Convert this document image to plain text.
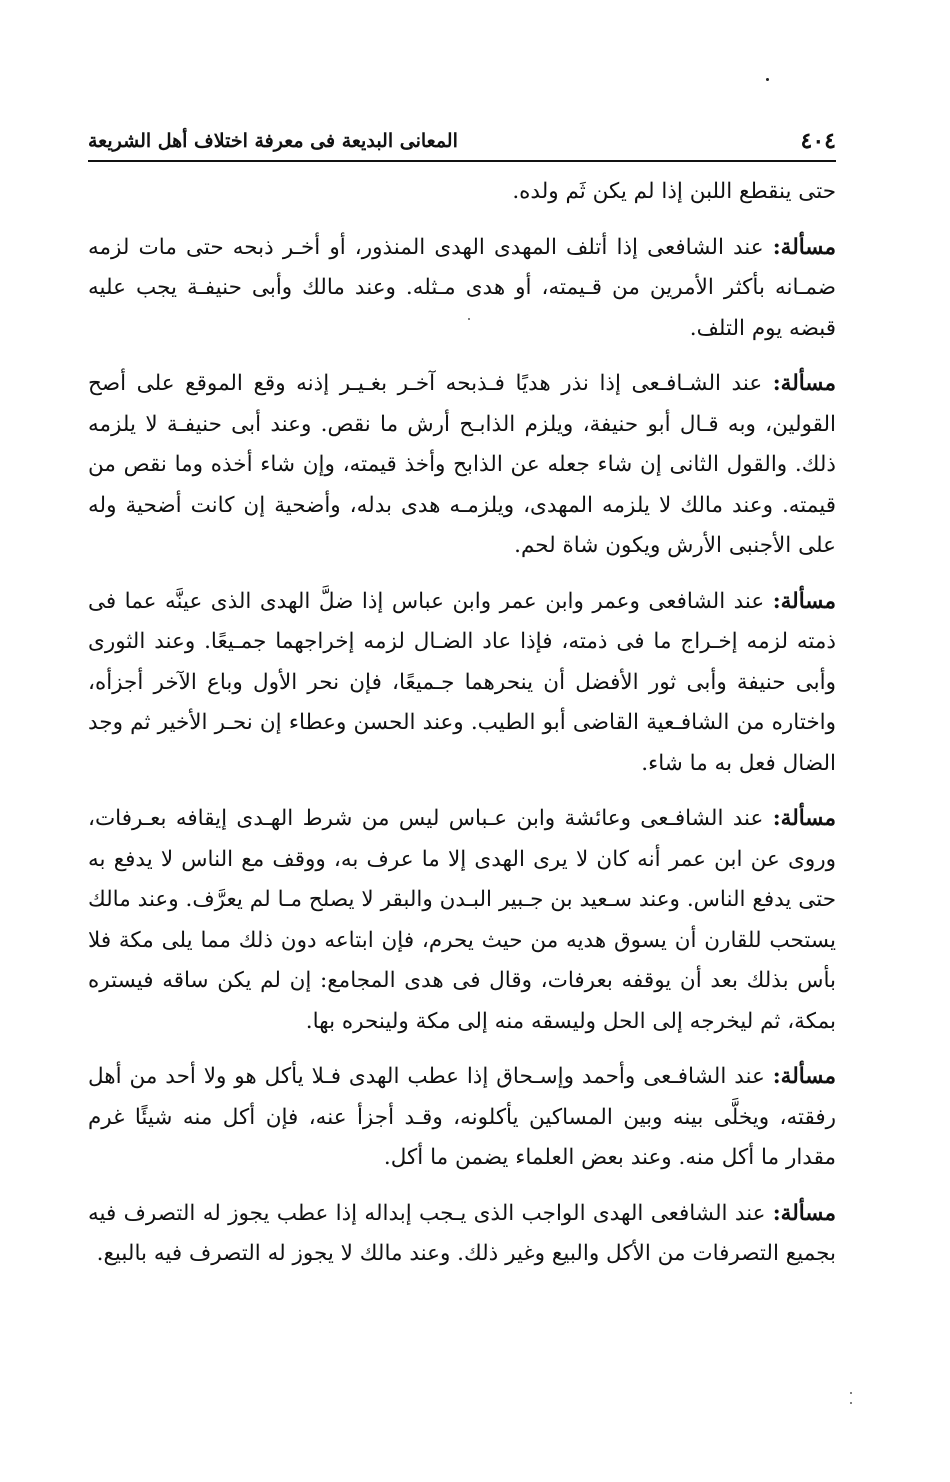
٤٠٤
المعانى البديعة فى معرفة اختلاف أهل الشريعة

حتى ينقطع اللبن إذا لم يكن ثَم ولده.

مسألة: عند الشافعى إذا أتلف المهدى الهدى المنذور، أو أخـر ذبحه حتى مات لزمه ضمـانه بأكثر الأمرين من قـيمته، أو هدى مـثله. وعند مالك وأبى حنيفـة يجب عليه قبضه يوم التلف.

مسألة: عند الشـافـعى إذا نذر هديًا فـذبحه آخـر بغـيـر إذنه وقع الموقع على أصح القولين، وبه قـال أبو حنيفة، ويلزم الذابـح أرش ما نقص. وعند أبى حنيفـة لا يلزمه ذلك. والقول الثانى إن شاء جعله عن الذابح وأخذ قيمته، وإن شاء أخذه وما نقص من قيمته. وعند مالك لا يلزمه المهدى، ويلزمـه هدى بدله، وأضحية إن كانت أضحية وله على الأجنبى الأرش ويكون شاة لحم.

مسألة: عند الشافعى وعمر وابن عمر وابن عباس إذا ضلَّ الهدى الذى عينَّه عما فى ذمته لزمه إخـراج ما فى ذمته، فإذا عاد الضـال لزمه إخراجهما جمـيعًا. وعند الثورى وأبى حنيفة وأبى ثور الأفضل أن ينحرهما جـميعًا، فإن نحر الأول وباع الآخر أجزأه، واختاره من الشافـعية القاضى أبو الطيب. وعند الحسن وعطاء إن نحـر الأخير ثم وجد الضال فعل به ما شاء.

مسألة: عند الشافـعى وعائشة وابن عـباس ليس من شرط الهـدى إيقافه بعـرفات، وروى عن ابن عمر أنه كان لا يرى الهدى إلا ما عرف به، ووقف مع الناس لا يدفع به حتى يدفع الناس. وعند سـعيد بن جـبير البـدن والبقر لا يصلح مـا لم يعرَّف. وعند مالك يستحب للقارن أن يسوق هديه من حيث يحرم، فإن ابتاعه دون ذلك مما يلى مكة فلا بأس بذلك بعد أن يوقفه بعرفات، وقال فى هدى المجامع: إن لم يكن ساقه فيستره بمكة، ثم ليخرجه إلى الحل وليسقه منه إلى مكة ولينحره بها.

مسألة: عند الشافـعى وأحمد وإسـحاق إذا عطب الهدى فـلا يأكل هو ولا أحد من أهل رفقته، ويخلَّى بينه وبين المساكين يأكلونه، وقـد أجزأ عنه، فإن أكل منه شيئًا غرم مقدار ما أكل منه. وعند بعض العلماء يضمن ما أكل.

مسألة: عند الشافعى الهدى الواجب الذى يـجب إبداله إذا عطب يجوز له التصرف فيه بجميع التصرفات من الأكل والبيع وغير ذلك. وعند مالك لا يجوز له التصرف فيه بالبيع.
